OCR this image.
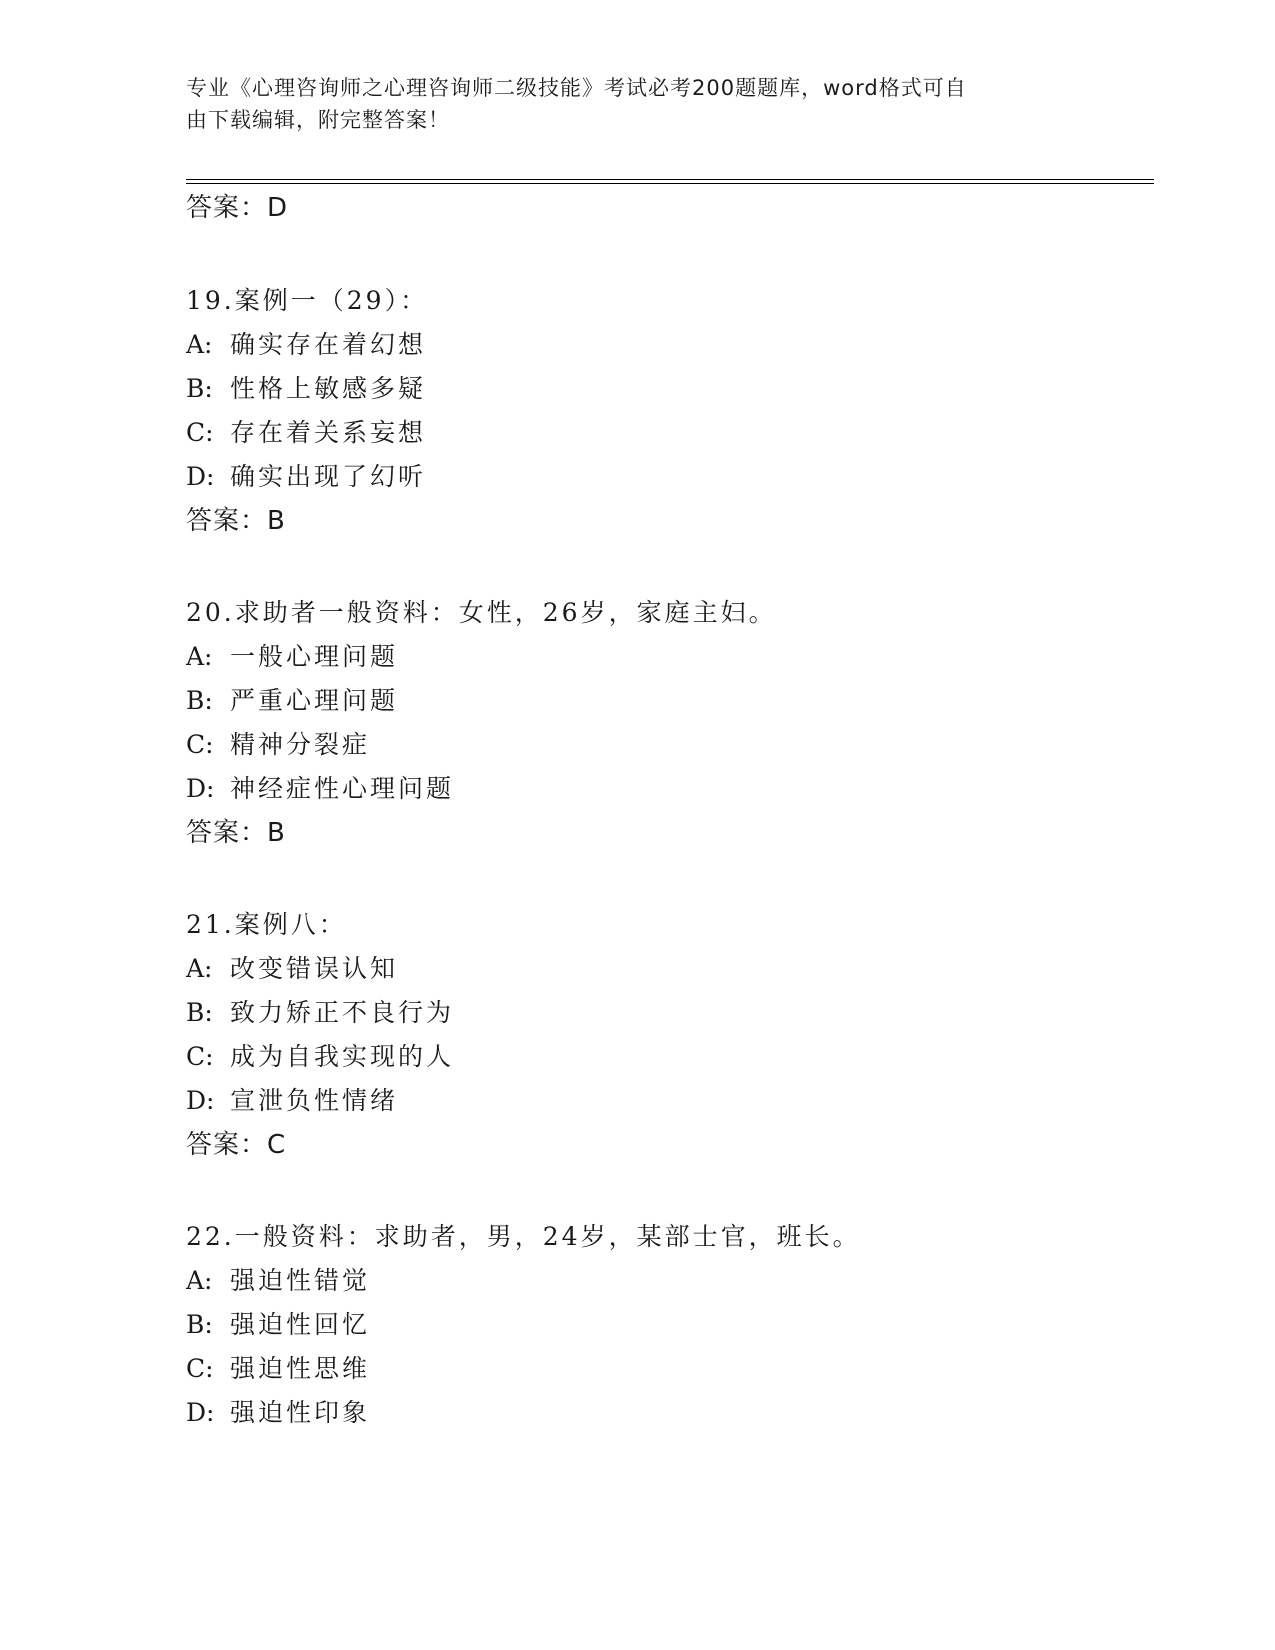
专业《心理咨询师之心理咨询师二级技能》考试必考200题题库，word格式可自
由下载编辑，附完整答案！
答案：D
19.案例一（29）：
A: 确实存在着幻想
B: 性格上敏感多疑
C: 存在着关系妄想
D: 确实出现了幻听
答案：B
20.求助者一般资料：女性，26岁，家庭主妇。
A: 一般心理问题
B: 严重心理问题
C: 精神分裂症
D: 神经症性心理问题
答案：B
21.案例八：
A: 改变错误认知
B: 致力矫正不良行为
C: 成为自我实现的人
D: 宣泄负性情绪
答案：C
22.一般资料：求助者，男，24岁，某部士官，班长。
A: 强迫性错觉
B: 强迫性回忆
C: 强迫性思维
D: 强迫性印象
